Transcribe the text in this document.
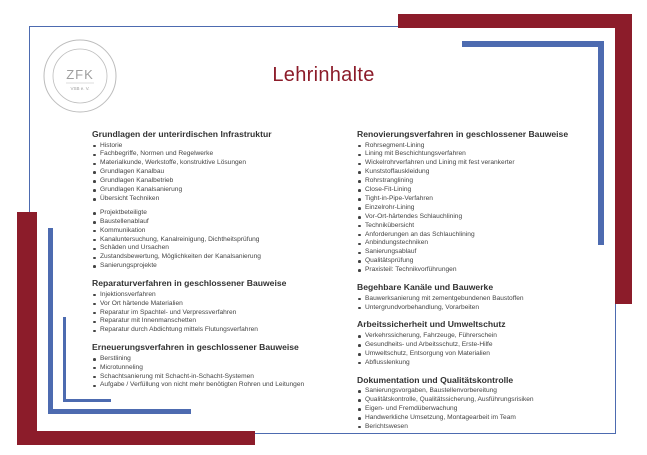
ZFK
VSB e. V.
Lehrinhalte
Grundlagen der unterirdischen Infrastruktur
Historie
Fachbegriffe, Normen und Regelwerke
Materialkunde, Werkstoffe, konstruktive Lösungen
Grundlagen Kanalbau
Grundlagen Kanalbetrieb
Grundlagen Kanalsanierung
Übersicht Techniken
Projektbeteiligte
Baustellenablauf
Kommunikation
Kanaluntersuchung, Kanalreinigung, Dichtheitsprüfung
Schäden und Ursachen
Zustandsbewertung, Möglichkeiten der Kanalsanierung
Sanierungsprojekte
Reparaturverfahren in geschlossener Bauweise
Injektionsverfahren
Vor Ort härtende Materialien
Reparatur im Spachtel- und Verpressverfahren
Reparatur mit Innenmanschetten
Reparatur durch Abdichtung mittels Flutungsverfahren
Erneuerungsverfahren in geschlossener Bauweise
Berstlining
Microtunneling
Schachtsanierung mit Schacht-in-Schacht-Systemen
Aufgabe / Verfüllung von nicht mehr benötigten Rohren und Leitungen
Renovierungsverfahren in geschlossener Bauweise
Rohrsegment-Lining
Lining mit Beschichtungsverfahren
Wickelrohrverfahren und Lining mit fest verankerter
Kunststoffauskleidung
Rohrstranglining
Close-Fit-Lining
Tight-in-Pipe-Verfahren
Einzelrohr-Lining
Vor-Ort-härtendes Schlauchlining
Technikübersicht
Anforderungen an das Schlauchlining
Anbindungstechniken
Sanierungsablauf
Qualitätsprüfung
Praxisteil: Technikvorführungen
Begehbare Kanäle und Bauwerke
Bauwerksanierung mit zementgebundenen Baustoffen
Untergrundvorbehandlung, Vorarbeiten
Arbeitssicherheit und Umweltschutz
Verkehrssicherung, Fahrzeuge, Führerschein
Gesundheits- und Arbeitsschutz, Erste-Hilfe
Umweltschutz, Entsorgung von Materialien
Abflusslenkung
Dokumentation und Qualitätskontrolle
Sanierungsvorgaben, Baustellenvorbereitung
Qualitätskontrolle, Qualitätssicherung, Ausführungsrisiken
Eigen- und Fremdüberwachung
Handwerkliche Umsetzung, Montagearbeit im Team
Berichtswesen
